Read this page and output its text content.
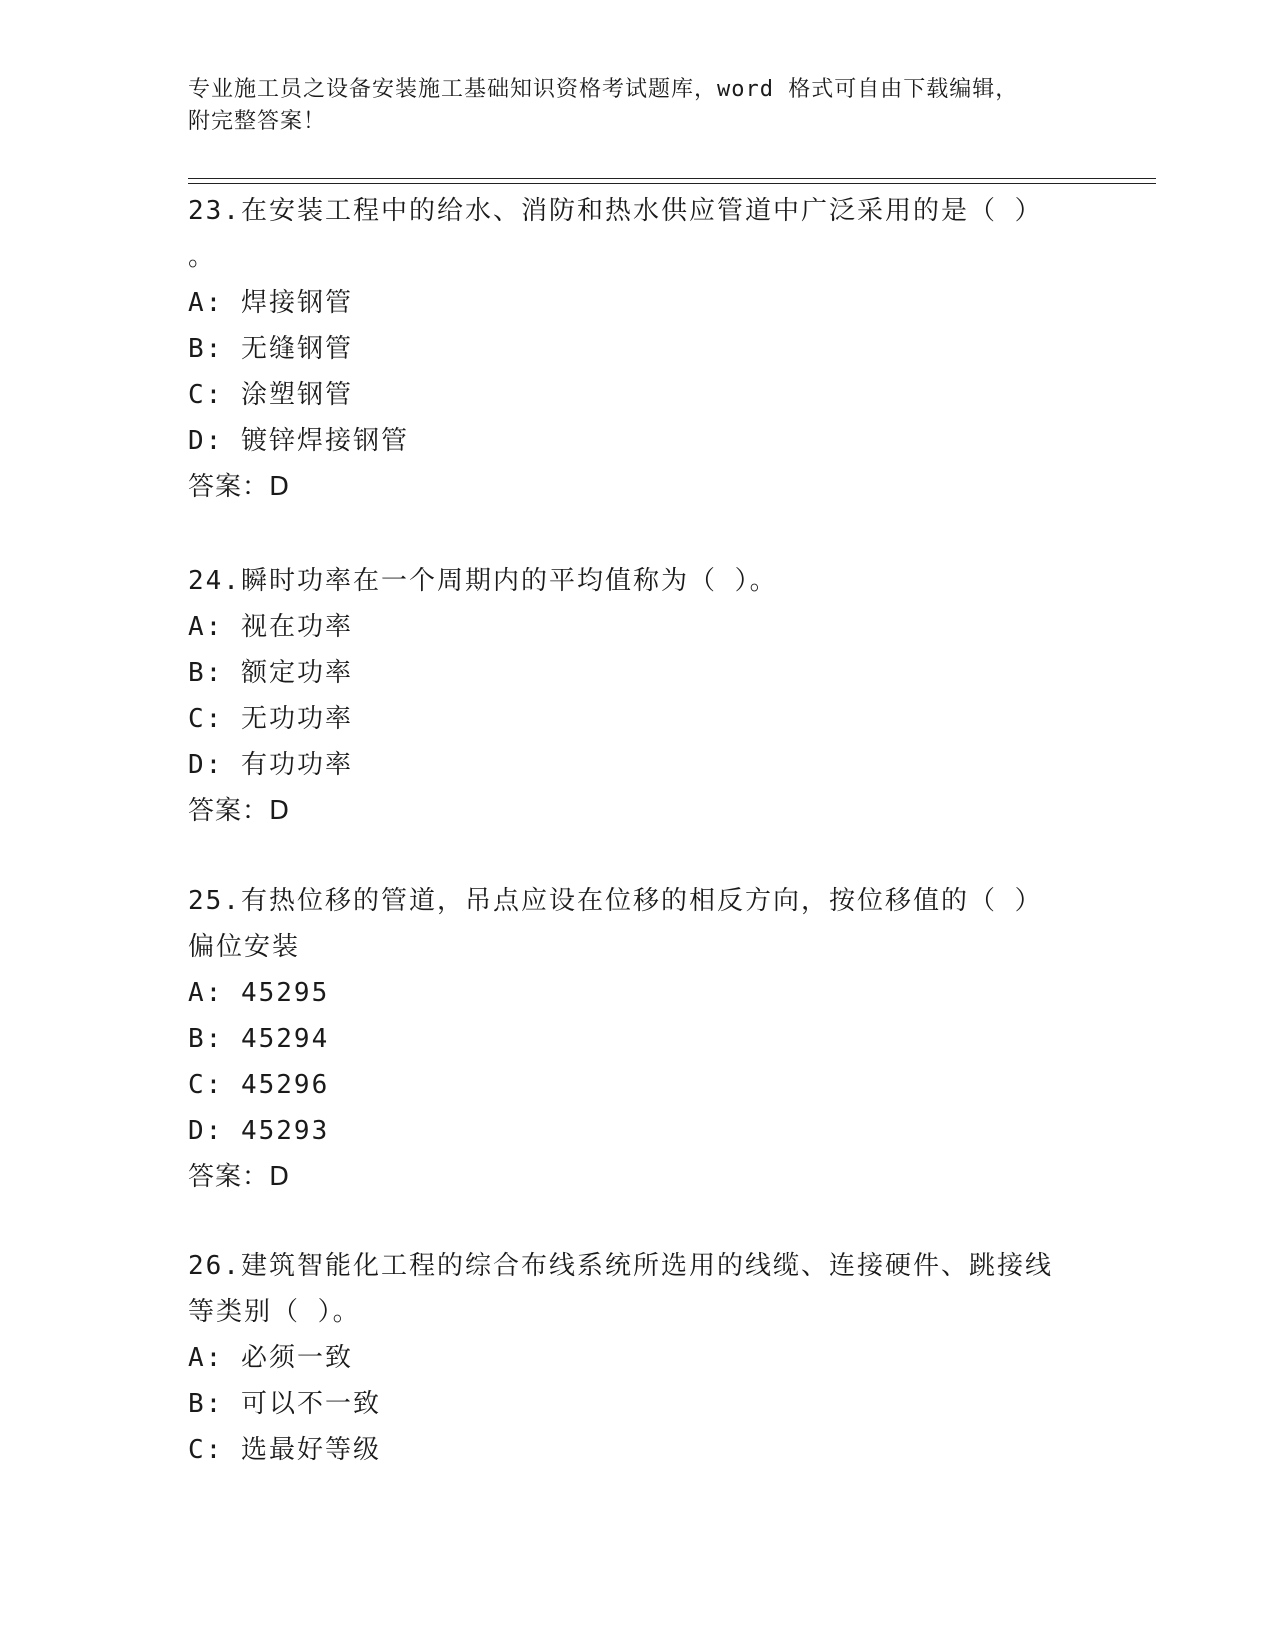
专业施工员之设备安装施工基础知识资格考试题库，word 格式可自由下载编辑，
附完整答案！
23.在安装工程中的给水、消防和热水供应管道中广泛采用的是（ ）
。
A: 焊接钢管
B: 无缝钢管
C: 涂塑钢管
D: 镀锌焊接钢管
答案：D
24.瞬时功率在一个周期内的平均值称为（ ）。
A: 视在功率
B: 额定功率
C: 无功功率
D: 有功功率
答案：D
25.有热位移的管道，吊点应设在位移的相反方向，按位移值的（ ）
偏位安装
A: 45295
B: 45294
C: 45296
D: 45293
答案：D
26.建筑智能化工程的综合布线系统所选用的线缆、连接硬件、跳接线
等类别（ ）。
A: 必须一致
B: 可以不一致
C: 选最好等级
